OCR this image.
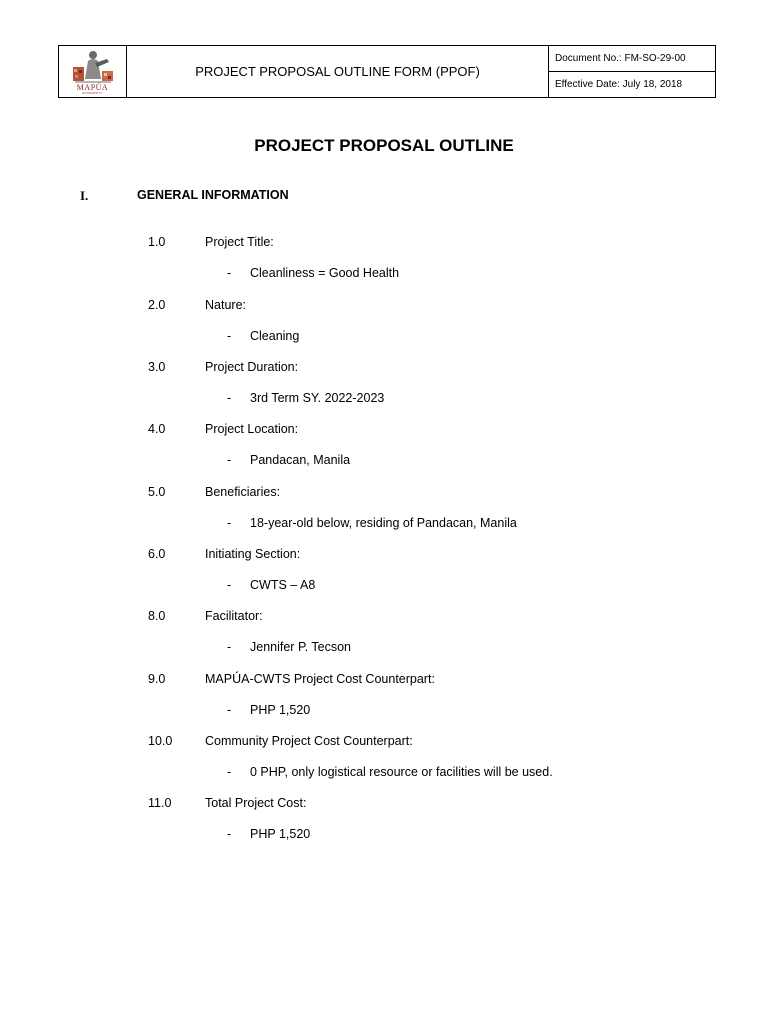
MAPÚA
UNIVERSITY
PROJECT PROPOSAL OUTLINE FORM (PPOF)
Document No.: FM-SO-29-00
Effective Date: July 18, 2018
PROJECT PROPOSAL OUTLINE
I.	GENERAL INFORMATION
1.0	Project Title:
- Cleanliness = Good Health
2.0	Nature:
- Cleaning
3.0	Project Duration:
- 3rd Term SY. 2022-2023
4.0	Project Location:
- Pandacan, Manila
5.0	Beneficiaries:
- 18-year-old below, residing of Pandacan, Manila
6.0	Initiating Section:
- CWTS – A8
8.0	Facilitator:
- Jennifer P. Tecson
9.0	MAPÚA-CWTS Project Cost Counterpart:
- PHP 1,520
10.0	Community Project Cost Counterpart:
- 0 PHP, only logistical resource or facilities will be used.
11.0	Total Project Cost:
- PHP 1,520
